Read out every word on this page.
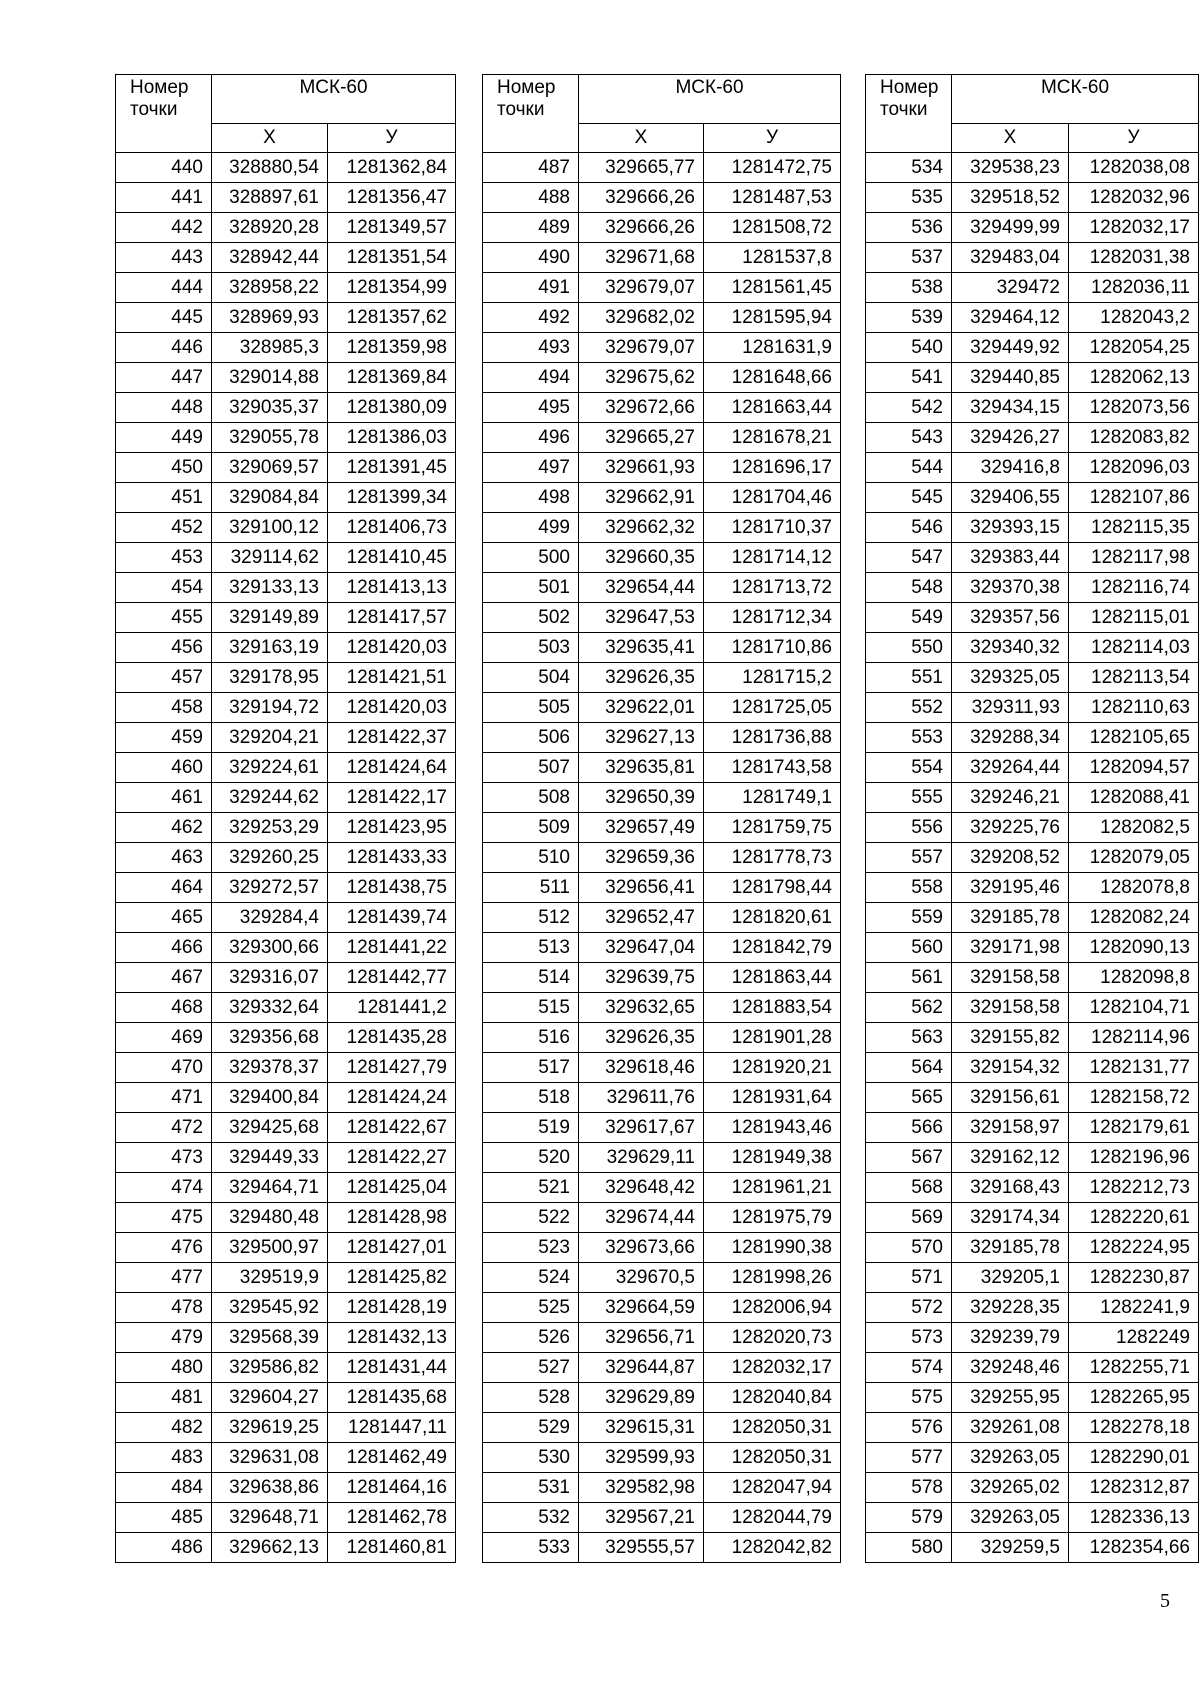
Номер
точки	МСК-60	
	Х	У
440	328880,54	1281362,84
441	328897,61	1281356,47
442	328920,28	1281349,57
443	328942,44	1281351,54
444	328958,22	1281354,99
445	328969,93	1281357,62
446	328985,3	1281359,98
447	329014,88	1281369,84
448	329035,37	1281380,09
449	329055,78	1281386,03
450	329069,57	1281391,45
451	329084,84	1281399,34
452	329100,12	1281406,73
453	329114,62	1281410,45
454	329133,13	1281413,13
455	329149,89	1281417,57
456	329163,19	1281420,03
457	329178,95	1281421,51
458	329194,72	1281420,03
459	329204,21	1281422,37
460	329224,61	1281424,64
461	329244,62	1281422,17
462	329253,29	1281423,95
463	329260,25	1281433,33
464	329272,57	1281438,75
465	329284,4	1281439,74
466	329300,66	1281441,22
467	329316,07	1281442,77
468	329332,64	1281441,2
469	329356,68	1281435,28
470	329378,37	1281427,79
471	329400,84	1281424,24
472	329425,68	1281422,67
473	329449,33	1281422,27
474	329464,71	1281425,04
475	329480,48	1281428,98
476	329500,97	1281427,01
477	329519,9	1281425,82
478	329545,92	1281428,19
479	329568,39	1281432,13
480	329586,82	1281431,44
481	329604,27	1281435,68
482	329619,25	1281447,11
483	329631,08	1281462,49
484	329638,86	1281464,16
485	329648,71	1281462,78
486	329662,13	1281460,81
Номер
точки	МСК-60	
	Х	У
487	329665,77	1281472,75
488	329666,26	1281487,53
489	329666,26	1281508,72
490	329671,68	1281537,8
491	329679,07	1281561,45
492	329682,02	1281595,94
493	329679,07	1281631,9
494	329675,62	1281648,66
495	329672,66	1281663,44
496	329665,27	1281678,21
497	329661,93	1281696,17
498	329662,91	1281704,46
499	329662,32	1281710,37
500	329660,35	1281714,12
501	329654,44	1281713,72
502	329647,53	1281712,34
503	329635,41	1281710,86
504	329626,35	1281715,2
505	329622,01	1281725,05
506	329627,13	1281736,88
507	329635,81	1281743,58
508	329650,39	1281749,1
509	329657,49	1281759,75
510	329659,36	1281778,73
511	329656,41	1281798,44
512	329652,47	1281820,61
513	329647,04	1281842,79
514	329639,75	1281863,44
515	329632,65	1281883,54
516	329626,35	1281901,28
517	329618,46	1281920,21
518	329611,76	1281931,64
519	329617,67	1281943,46
520	329629,11	1281949,38
521	329648,42	1281961,21
522	329674,44	1281975,79
523	329673,66	1281990,38
524	329670,5	1281998,26
525	329664,59	1282006,94
526	329656,71	1282020,73
527	329644,87	1282032,17
528	329629,89	1282040,84
529	329615,31	1282050,31
530	329599,93	1282050,31
531	329582,98	1282047,94
532	329567,21	1282044,79
533	329555,57	1282042,82
Номер
точки	МСК-60	
	Х	У
534	329538,23	1282038,08
535	329518,52	1282032,96
536	329499,99	1282032,17
537	329483,04	1282031,38
538	329472	1282036,11
539	329464,12	1282043,2
540	329449,92	1282054,25
541	329440,85	1282062,13
542	329434,15	1282073,56
543	329426,27	1282083,82
544	329416,8	1282096,03
545	329406,55	1282107,86
546	329393,15	1282115,35
547	329383,44	1282117,98
548	329370,38	1282116,74
549	329357,56	1282115,01
550	329340,32	1282114,03
551	329325,05	1282113,54
552	329311,93	1282110,63
553	329288,34	1282105,65
554	329264,44	1282094,57
555	329246,21	1282088,41
556	329225,76	1282082,5
557	329208,52	1282079,05
558	329195,46	1282078,8
559	329185,78	1282082,24
560	329171,98	1282090,13
561	329158,58	1282098,8
562	329158,58	1282104,71
563	329155,82	1282114,96
564	329154,32	1282131,77
565	329156,61	1282158,72
566	329158,97	1282179,61
567	329162,12	1282196,96
568	329168,43	1282212,73
569	329174,34	1282220,61
570	329185,78	1282224,95
571	329205,1	1282230,87
572	329228,35	1282241,9
573	329239,79	1282249
574	329248,46	1282255,71
575	329255,95	1282265,95
576	329261,08	1282278,18
577	329263,05	1282290,01
578	329265,02	1282312,87
579	329263,05	1282336,13
580	329259,5	1282354,66
5
